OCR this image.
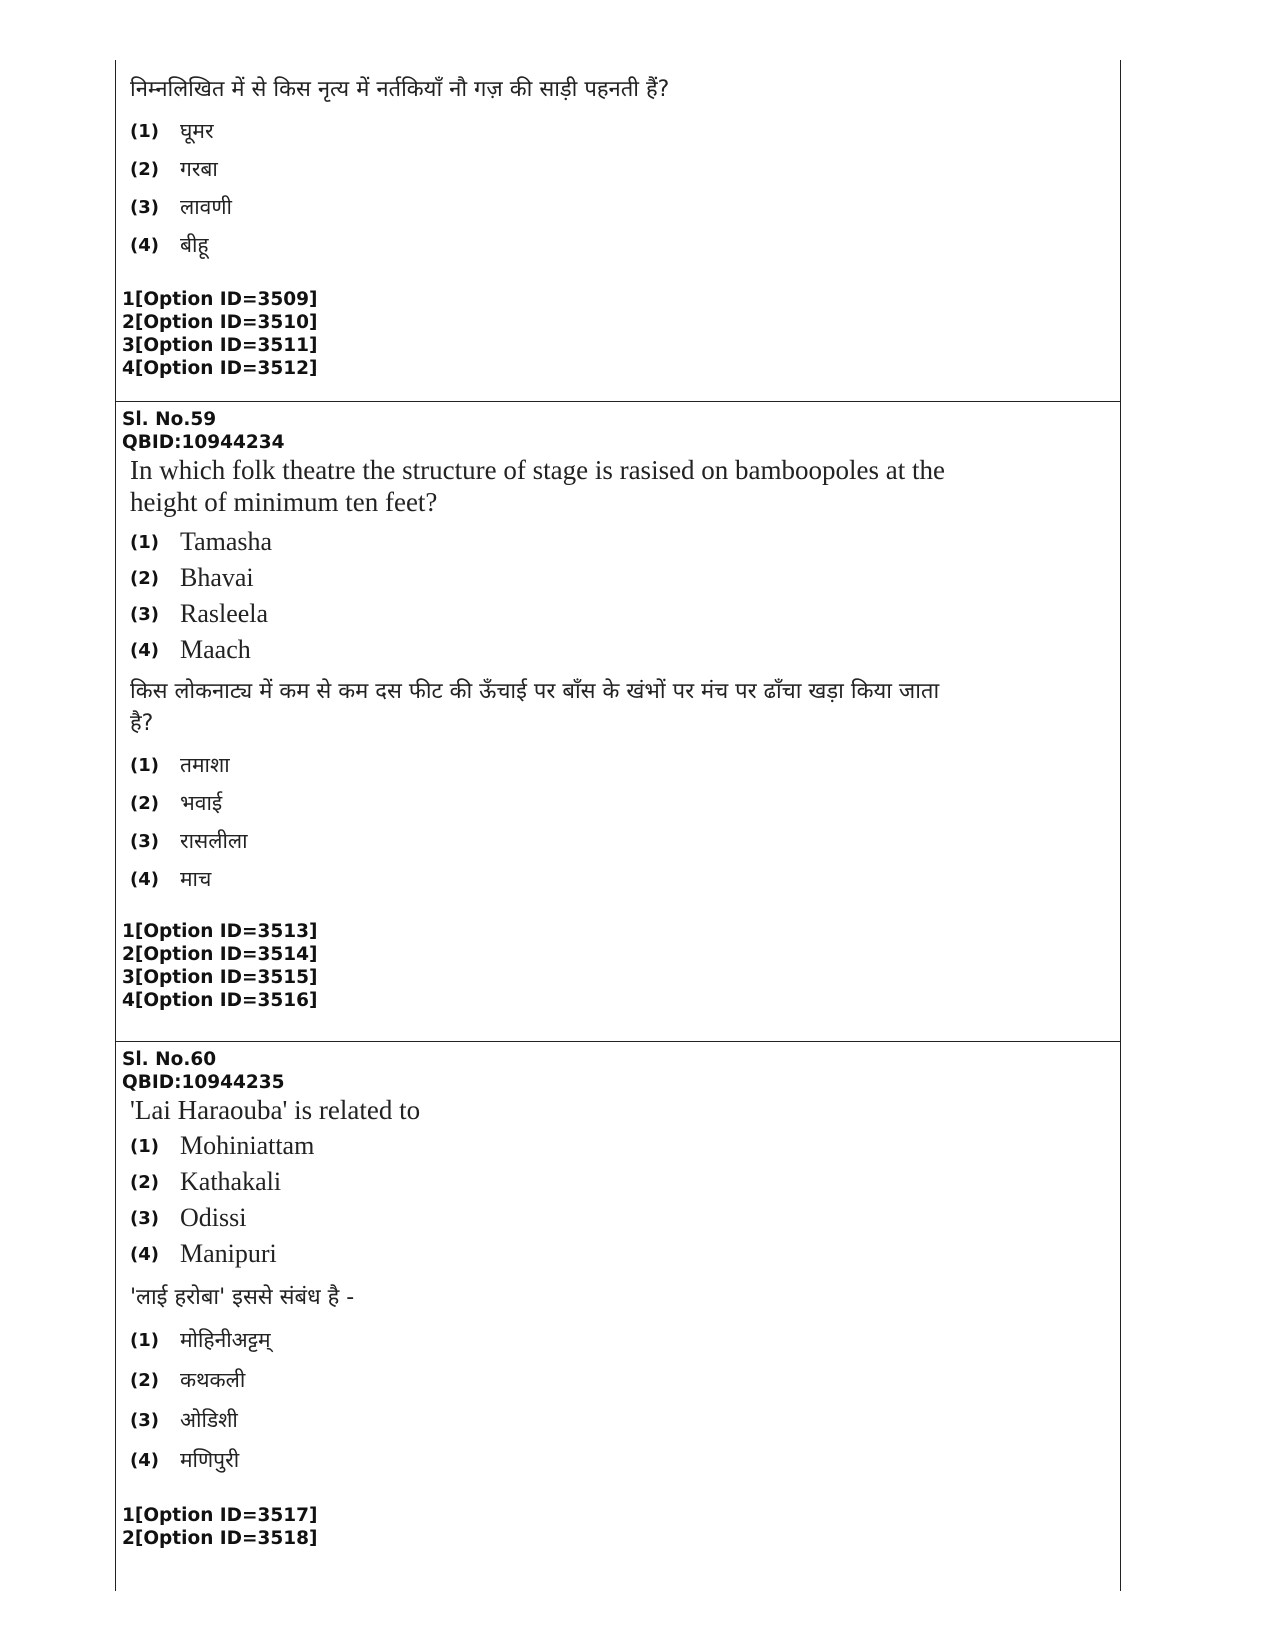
निम्नलिखित में से किस नृत्य में नर्तकियाँ नौ गज़ की साड़ी पहनती हैं?

(1)	घूमर
(2)	गरबा
(3)	लावणी
(4)	बीहू
1[Option ID=3509]
2[Option ID=3510]
3[Option ID=3511]
4[Option ID=3512]
Sl. No.59
QBID:10944234

In which folk theatre the structure of stage is rasised on bamboopoles at the
height of minimum ten feet?

(1) Tamasha
(2) Bhavai
(3) Rasleela
(4) Maach

किस लोकनाट्य में कम से कम दस फीट की ऊँचाई पर बाँस के खंभों पर मंच पर ढाँचा खड़ा किया जाता
है?

(1)	तमाशा
(2)	भवाई
(3)	रासलीला
(4)	माच
1[Option ID=3513]
2[Option ID=3514]
3[Option ID=3515]
4[Option ID=3516]
Sl. No.60
QBID:10944235

'Lai Haraouba' is related to

(1) Mohiniattam
(2) Kathakali
(3) Odissi
(4) Manipuri

'लाई हरोबा' इससे संबंध है -

(1)	मोहिनीअट्टम्
(2)	कथकली
(3)	ओडिशी
(4)	मणिपुरी
1[Option ID=3517]
2[Option ID=3518]
